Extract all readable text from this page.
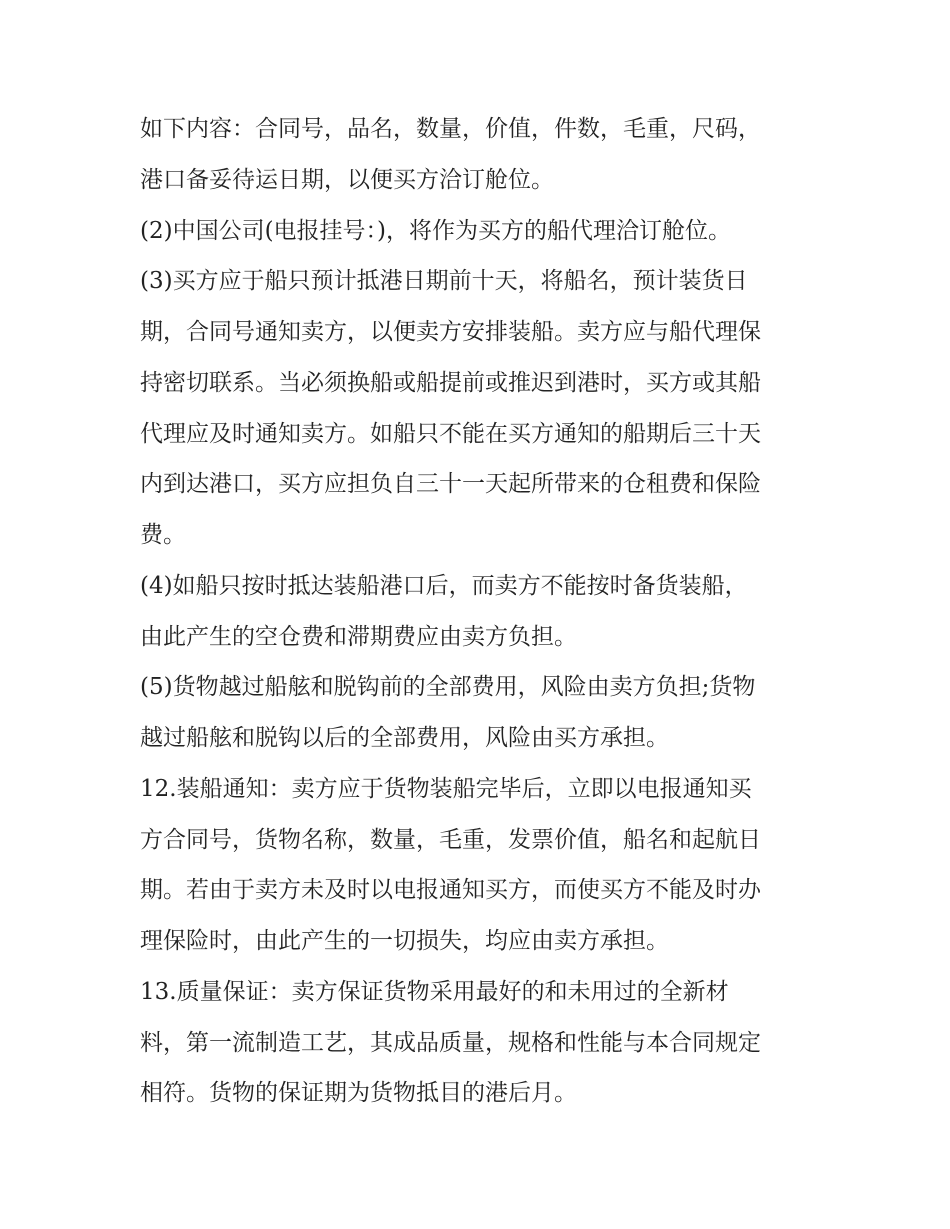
如下内容：合同号，品名，数量，价值，件数，毛重，尺码，
港口备妥待运日期，以便买方洽订舱位。
(2)中国公司(电报挂号：)，将作为买方的船代理洽订舱位。
(3)买方应于船只预计抵港日期前十天，将船名，预计装货日
期，合同号通知卖方，以便卖方安排装船。卖方应与船代理保
持密切联系。当必须换船或船提前或推迟到港时，买方或其船
代理应及时通知卖方。如船只不能在买方通知的船期后三十天
内到达港口，买方应担负自三十一天起所带来的仓租费和保险
费。
(4)如船只按时抵达装船港口后，而卖方不能按时备货装船，
由此产生的空仓费和滞期费应由卖方负担。
(5)货物越过船舷和脱钩前的全部费用，风险由卖方负担;货物
越过船舷和脱钩以后的全部费用，风险由买方承担。
12.装船通知：卖方应于货物装船完毕后，立即以电报通知买
方合同号，货物名称，数量，毛重，发票价值，船名和起航日
期。若由于卖方未及时以电报通知买方，而使买方不能及时办
理保险时，由此产生的一切损失，均应由卖方承担。
13.质量保证：卖方保证货物采用最好的和未用过的全新材
料，第一流制造工艺，其成品质量，规格和性能与本合同规定
相符。货物的保证期为货物抵目的港后月。
